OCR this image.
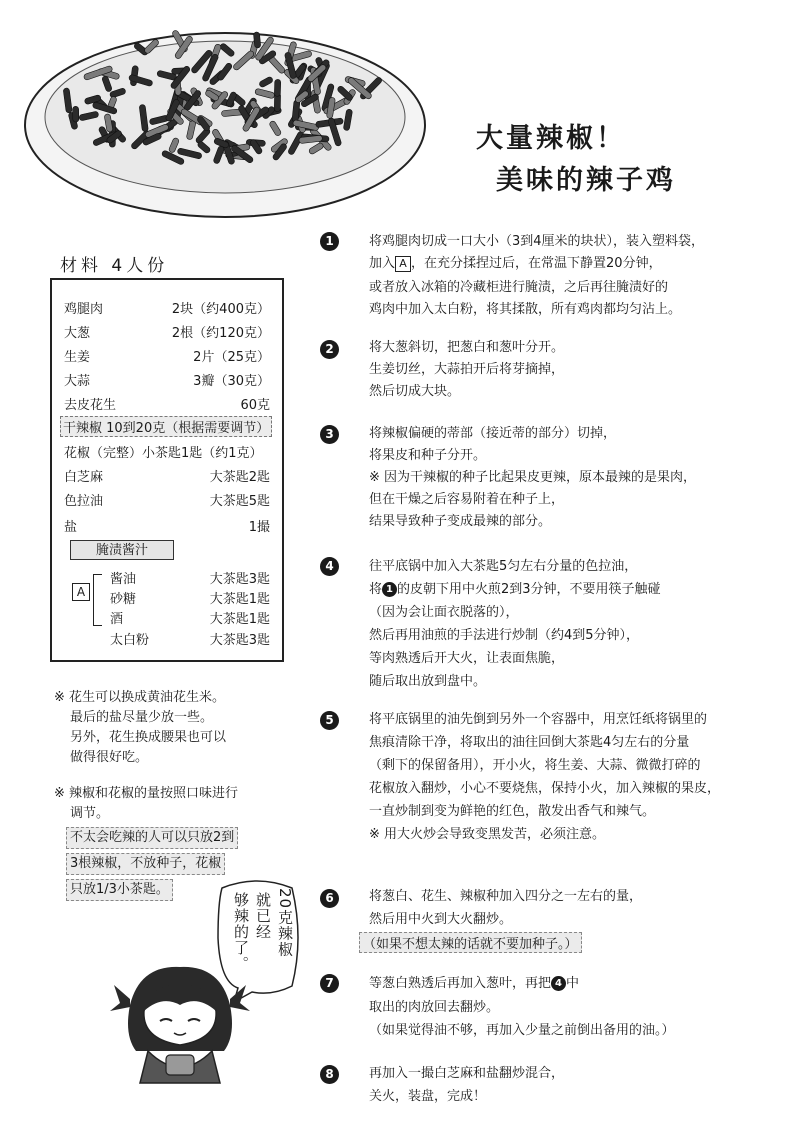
大量辣椒！
美味的辣子鸡
材料 4人份
鸡腿肉	2块（约400克）
大葱	2根（约120克）
生姜	2片（25克）
大蒜	3瓣（30克）
去皮花生	60克
干辣椒 10到20克（根据需要调节）
花椒（完整）小茶匙1匙（约1克）
白芝麻	大茶匙2匙
色拉油	大茶匙5匙
盐	1撮
腌渍酱汁
A
酱油	大茶匙3匙
砂糖	大茶匙1匙
酒	大茶匙1匙
太白粉	大茶匙3匙
※ 花生可以换成黄油花生米。
最后的盐尽量少放一些。
另外，花生换成腰果也可以
做得很好吃。
※ 辣椒和花椒的量按照口味进行
调节。
不太会吃辣的人可以只放2到
3根辣椒，不放种子，花椒
只放1/3小茶匙。
1	将鸡腿肉切成一口大小（3到4厘米的块状），装入塑料袋，
加入 A ，在充分揉捏过后，在常温下静置20分钟，
或者放入冰箱的冷藏柜进行腌渍，之后再往腌渍好的
鸡肉中加入太白粉，将其揉散，所有鸡肉都均匀沾上。
2	将大葱斜切，把葱白和葱叶分开。
生姜切丝，大蒜拍开后将芽摘掉，
然后切成大块。
3	将辣椒偏硬的蒂部（接近蒂的部分）切掉，
将果皮和种子分开。
※ 因为干辣椒的种子比起果皮更辣，原本最辣的是果肉，
但在干燥之后容易附着在种子上，
结果导致种子变成最辣的部分。
4	往平底锅中加入大茶匙5匀左右分量的色拉油，
将 1 的皮朝下用中火煎2到3分钟，不要用筷子触碰
（因为会让面衣脱落的），
然后再用油煎的手法进行炒制（约4到5分钟），
等肉熟透后开大火，让表面焦脆，
随后取出放到盘中。
5	将平底锅里的油先倒到另外一个容器中，用烹饪纸将锅里的
焦痕清除干净，将取出的油往回倒大茶匙4匀左右的分量
（剩下的保留备用），开小火，将生姜、大蒜、微微打碎的
花椒放入翻炒，小心不要烧焦，保持小火，加入辣椒的果皮，
一直炒制到变为鲜艳的红色，散发出香气和辣气。
※ 用大火炒会导致变黑发苦，必须注意。
6	将葱白、花生、辣椒种加入四分之一左右的量，
然后用中火到大火翻炒。
（如果不想太辣的话就不要加种子。）
7	等葱白熟透后再加入葱叶，再把 4 中
取出的肉放回去翻炒。
（如果觉得油不够，再加入少量之前倒出备用的油。）
8	再加入一撮白芝麻和盐翻炒混合，
关火，装盘，完成！
20克辣椒
就已经
够辣的了。
